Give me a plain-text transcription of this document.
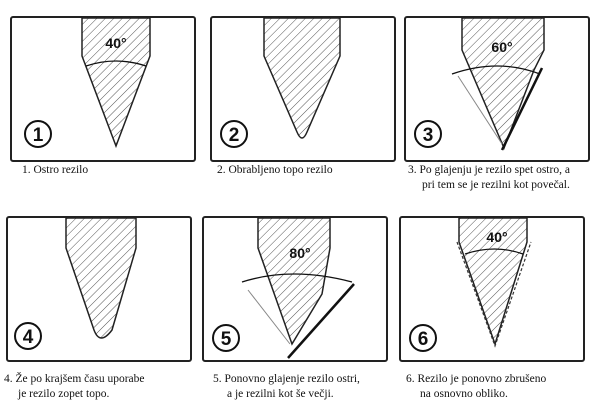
40°
1
1. Ostro rezilo
2
2. Obrabljeno topo rezilo
60°
3
3. Po glajenju je rezilo spet ostro, a
pri tem se je rezilni kot povečal.
4
4. Že po krajšem času uporabe
je rezilo zopet topo.
80°
5
5. Ponovno glajenje rezilo ostri,
a je rezilni kot še večji.
40°
6
6. Rezilo je ponovno zbrušeno
na osnovno obliko.
